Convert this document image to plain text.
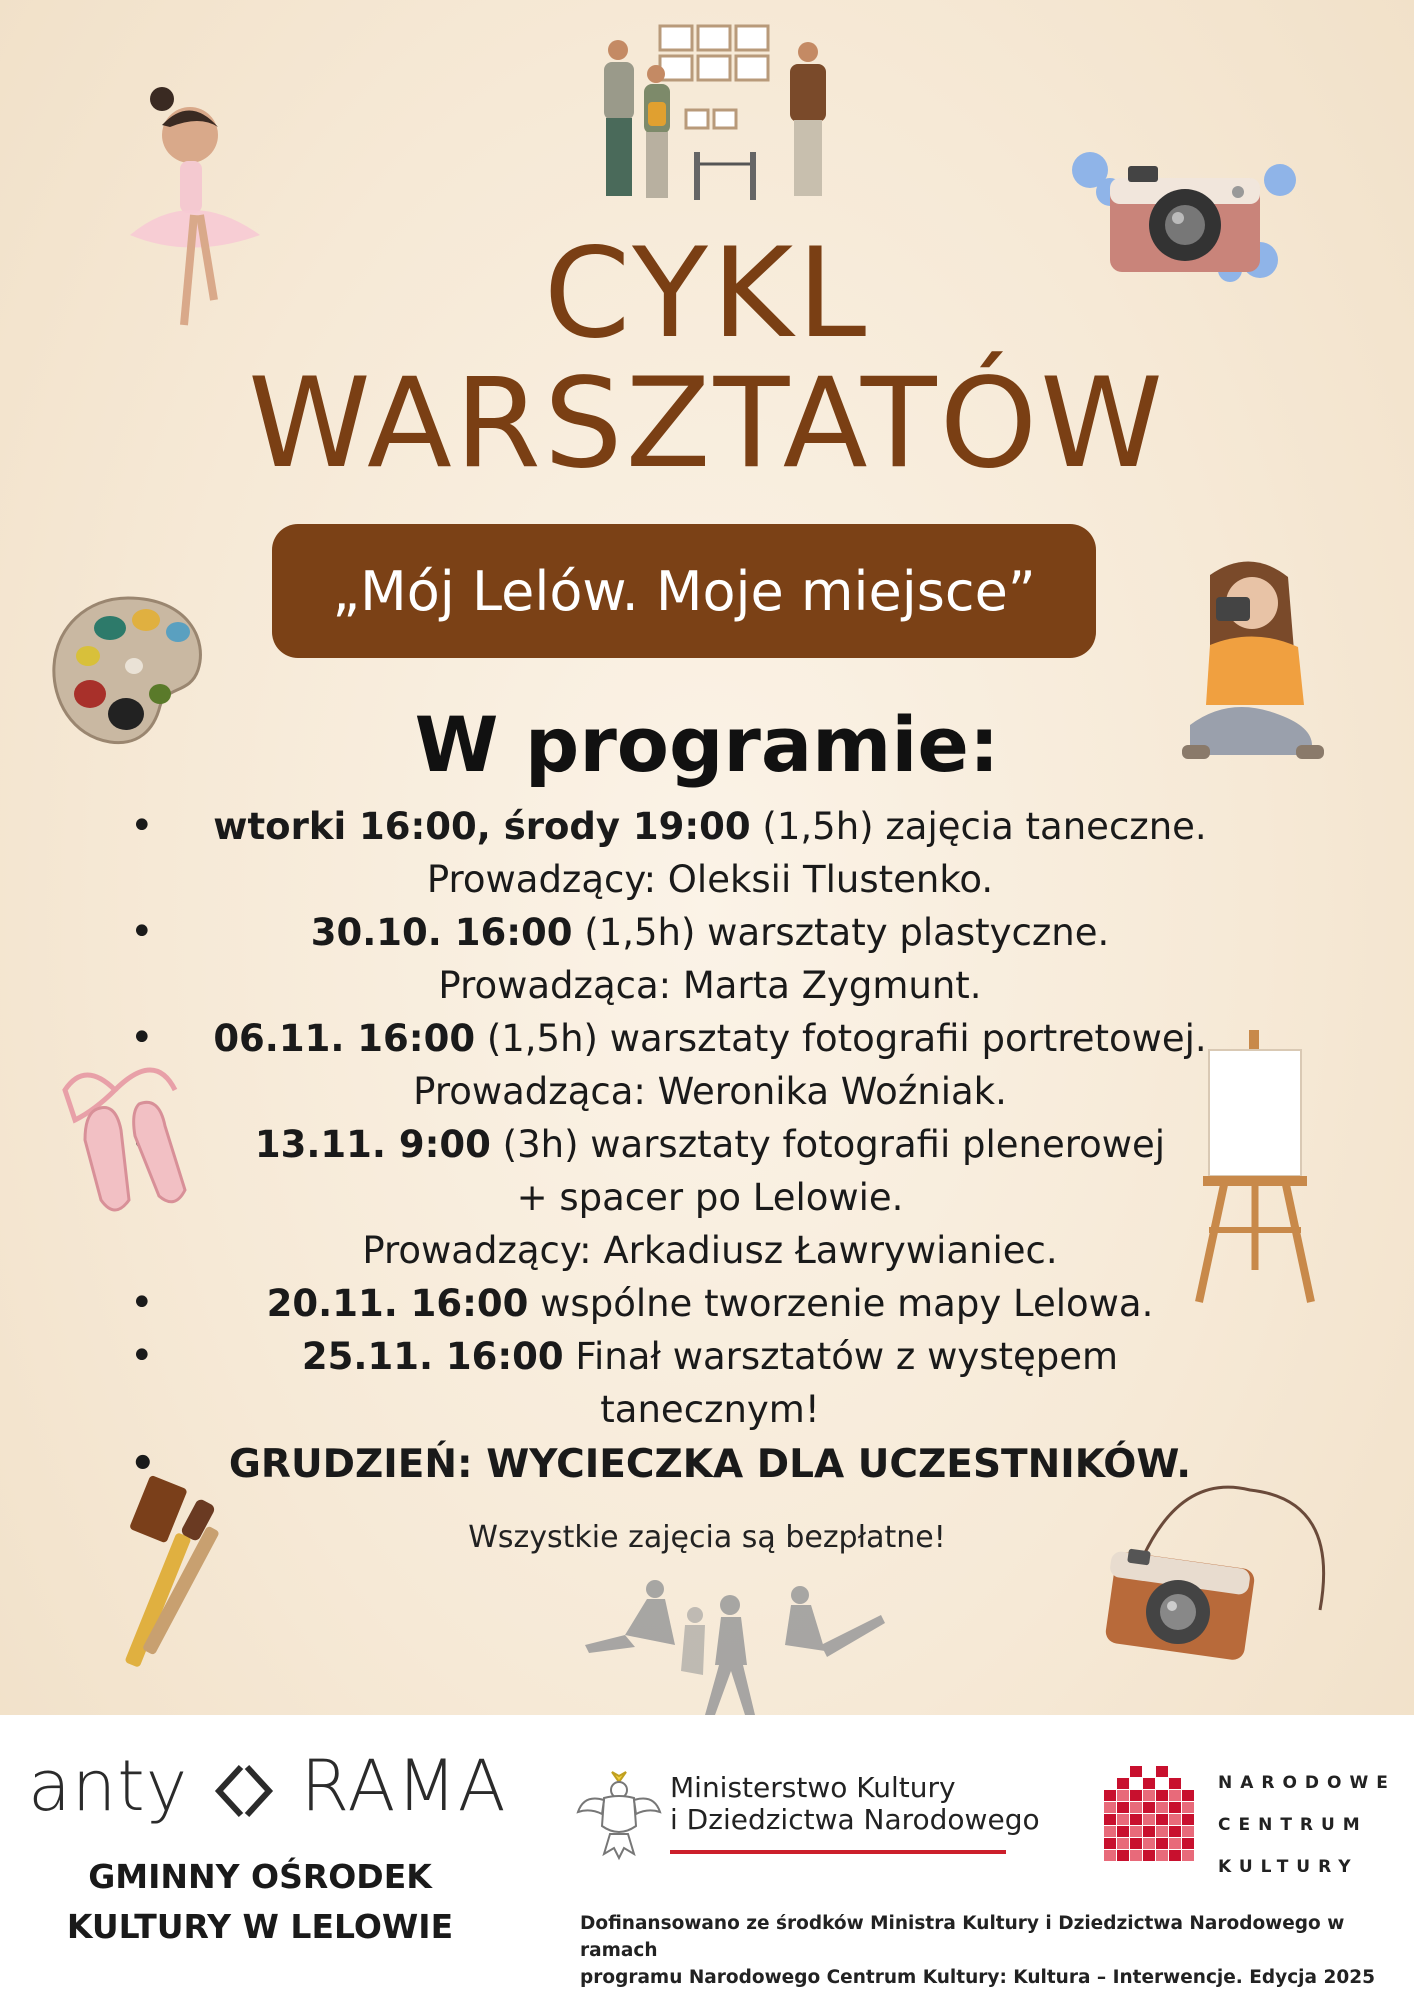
CYKL
WARSZTATÓW
„Mój Lelów. Moje miejsce”
W programie:
• wtorki 16:00, środy 19:00 (1,5h) zajęcia taneczne.
Prowadzący: Oleksii Tlustenko.
• 30.10. 16:00 (1,5h) warsztaty plastyczne.
Prowadząca: Marta Zygmunt.
• 06.11. 16:00 (1,5h) warsztaty fotografii portretowej.
Prowadząca: Weronika Woźniak.
• 13.11. 9:00 (3h) warsztaty fotografii plenerowej
+ spacer po Lelowie.
Prowadzący: Arkadiusz Ławrywianiec.
• 20.11. 16:00 wspólne tworzenie mapy Lelowa.
• 25.11. 16:00 Finał warsztatów z występem
tanecznym!
• GRUDZIEŃ: WYCIECZKA DLA UCZESTNIKÓW.
Wszystkie zajęcia są bezpłatne!
anty RAMA
GMINNY OŚRODEK
KULTURY W LELOWIE
Ministerstwo Kultury
i Dziedzictwa Narodowego
NARODOWE
CENTRUM
KULTURY
Dofinansowano ze środków Ministra Kultury i Dziedzictwa Narodowego w ramach
programu Narodowego Centrum Kultury: Kultura – Interwencje. Edycja 2025
